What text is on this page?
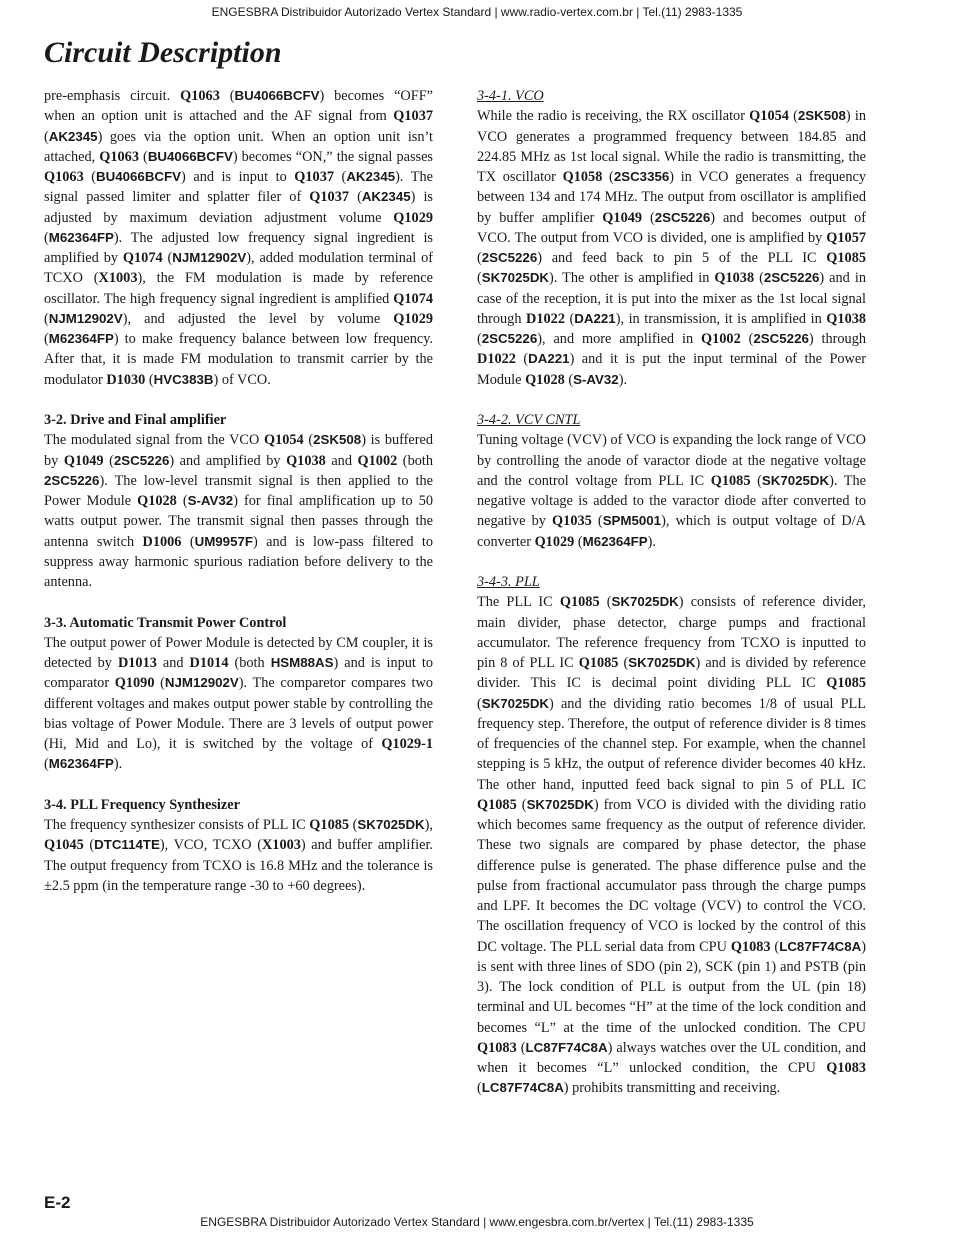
ENGESBRA Distribuidor Autorizado Vertex Standard | www.radio-vertex.com.br | Tel.(11) 2983-1335
Circuit Description

pre-emphasis circuit. Q1063 (BU4066BCFV) becomes “OFF” when an option unit is attached and the AF signal from Q1037 (AK2345) goes via the option unit. When an option unit isn’t attached, Q1063 (BU4066BCFV) becomes “ON,” the signal passes Q1063 (BU4066BCFV) and is input to Q1037 (AK2345). The signal passed limiter and splatter filer of Q1037 (AK2345) is adjusted by maximum deviation adjustment volume Q1029 (M62364FP). The adjusted low frequency signal ingredient is amplified by Q1074 (NJM12902V), added modulation terminal of TCXO (X1003), the FM modulation is made by reference oscillator. The high frequency signal ingredient is amplified Q1074 (NJM12902V), and adjusted the level by volume Q1029 (M62364FP) to make frequency balance between low frequency. After that, it is made FM modulation to transmit carrier by the modulator D1030 (HVC383B) of VCO.

3-2. Drive and Final amplifier

The modulated signal from the VCO Q1054 (2SK508) is buffered by Q1049 (2SC5226) and amplified by Q1038 and Q1002 (both 2SC5226). The low-level transmit signal is then applied to the Power Module Q1028 (S-AV32) for final amplification up to 50 watts output power. The transmit signal then passes through the antenna switch D1006 (UM9957F) and is low-pass filtered to suppress away harmonic spurious radiation before delivery to the antenna.

3-3. Automatic Transmit Power Control

The output power of Power Module is detected by CM coupler, it is detected by D1013 and D1014 (both HSM88AS) and is input to comparator Q1090 (NJM12902V). The comparetor compares two different voltages and makes output power stable by controlling the bias voltage of Power Module. There are 3 levels of output power (Hi, Mid and Lo), it is switched by the voltage of Q1029-1 (M62364FP).

3-4. PLL Frequency Synthesizer

The frequency synthesizer consists of PLL IC Q1085 (SK7025DK), Q1045 (DTC114TE), VCO, TCXO (X1003) and buffer amplifier. The output frequency from TCXO is 16.8 MHz and the tolerance is ±2.5 ppm (in the temperature range -30 to +60 degrees).

3-4-1. VCO

While the radio is receiving, the RX oscillator Q1054 (2SK508) in VCO generates a programmed frequency between 184.85 and 224.85 MHz as 1st local signal. While the radio is transmitting, the TX oscillator Q1058 (2SC3356) in VCO generates a frequency between 134 and 174 MHz. The output from oscillator is amplified by buffer amplifier Q1049 (2SC5226) and becomes output of VCO. The output from VCO is divided, one is amplified by Q1057 (2SC5226) and feed back to pin 5 of the PLL IC Q1085 (SK7025DK). The other is amplified in Q1038 (2SC5226) and in case of the reception, it is put into the mixer as the 1st local signal through D1022 (DA221), in transmission, it is amplified in Q1038 (2SC5226), and more amplified in Q1002 (2SC5226) through D1022 (DA221) and it is put the input terminal of the Power Module Q1028 (S-AV32).

3-4-2. VCV CNTL

Tuning voltage (VCV) of VCO is expanding the lock range of VCO by controlling the anode of varactor diode at the negative voltage and the control voltage from PLL IC Q1085 (SK7025DK). The negative voltage is added to the varactor diode after converted to negative by Q1035 (SPM5001), which is output voltage of D/A converter Q1029 (M62364FP).

3-4-3. PLL

The PLL IC Q1085 (SK7025DK) consists of reference divider, main divider, phase detector, charge pumps and fractional accumulator. The reference frequency from TCXO is inputted to pin 8 of PLL IC Q1085 (SK7025DK) and is divided by reference divider. This IC is decimal point dividing PLL IC Q1085 (SK7025DK) and the dividing ratio becomes 1/8 of usual PLL frequency step. Therefore, the output of reference divider is 8 times of frequencies of the channel step. For example, when the channel stepping is 5 kHz, the output of reference divider becomes 40 kHz. The other hand, inputted feed back signal to pin 5 of PLL IC Q1085 (SK7025DK) from VCO is divided with the dividing ratio which becomes same frequency as the output of reference divider. These two signals are compared by phase detector, the phase difference pulse is generated. The phase difference pulse and the pulse from fractional accumulator pass through the charge pumps and LPF. It becomes the DC voltage (VCV) to control the VCO. The oscillation frequency of VCO is locked by the control of this DC voltage. The PLL serial data from CPU Q1083 (LC87F74C8A) is sent with three lines of SDO (pin 2), SCK (pin 1) and PSTB (pin 3). The lock condition of PLL is output from the UL (pin 18) terminal and UL becomes “H” at the time of the lock condition and becomes “L” at the time of the unlocked condition. The CPU Q1083 (LC87F74C8A) always watches over the UL condition, and when it becomes “L” unlocked condition, the CPU Q1083 (LC87F74C8A) prohibits transmitting and receiving.

E-2
ENGESBRA Distribuidor Autorizado Vertex Standard | www.engesbra.com.br/vertex | Tel.(11) 2983-1335
